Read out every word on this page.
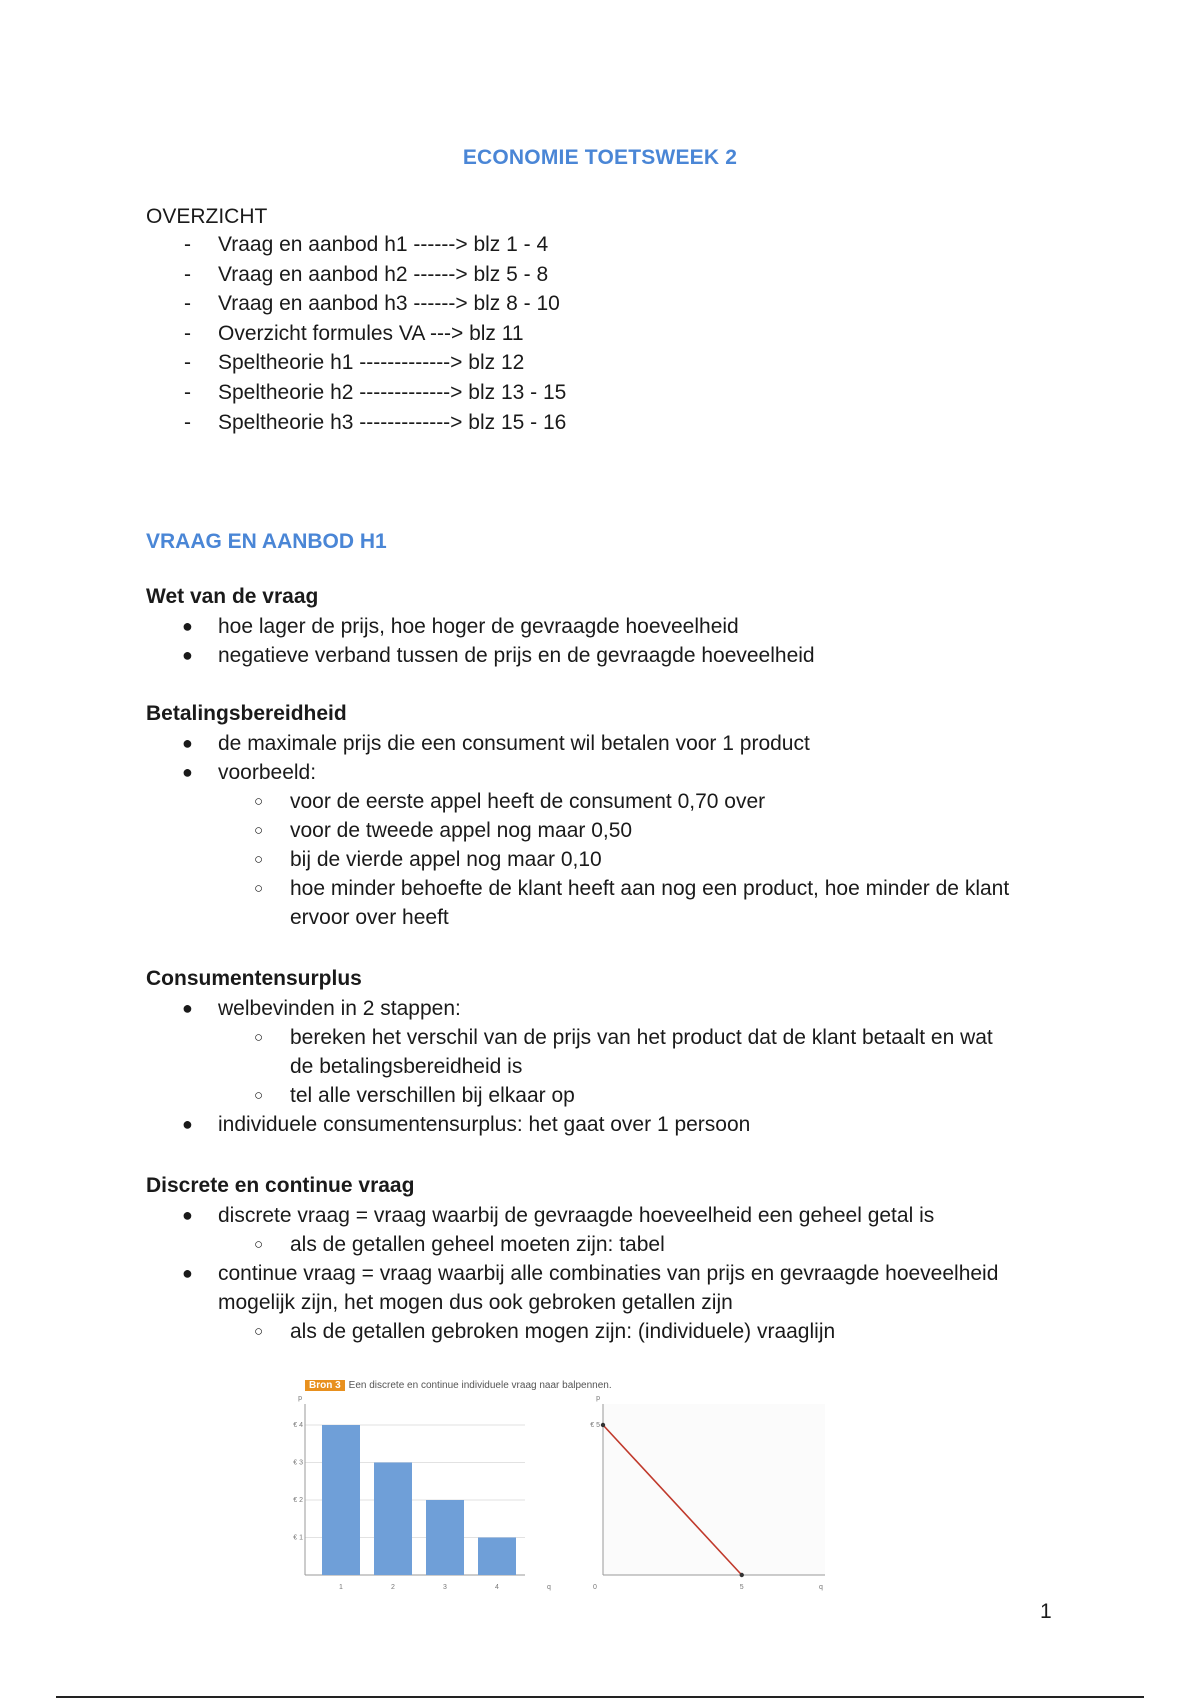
ECONOMIE TOETSWEEK 2
OVERZICHT
- Vraag en aanbod h1 ------> blz 1 - 4
- Vraag en aanbod h2 ------> blz 5 - 8
- Vraag en aanbod h3 ------> blz 8 - 10
- Overzicht formules VA ---> blz 11
- Speltheorie h1 -------------> blz 12
- Speltheorie h2 -------------> blz 13 - 15
- Speltheorie h3 -------------> blz 15 - 16
VRAAG EN AANBOD H1
Wet van de vraag
● hoe lager de prijs, hoe hoger de gevraagde hoeveelheid
● negatieve verband tussen de prijs en de gevraagde hoeveelheid
Betalingsbereidheid
● de maximale prijs die een consument wil betalen voor 1 product
● voorbeeld:
○ voor de eerste appel heeft de consument 0,70 over
○ voor de tweede appel nog maar 0,50
○ bij de vierde appel nog maar 0,10
○ hoe minder behoefte de klant heeft aan nog een product, hoe minder de klant
ervoor over heeft
Consumentensurplus
● welbevinden in 2 stappen:
○ bereken het verschil van de prijs van het product dat de klant betaalt en wat
de betalingsbereidheid is
○ tel alle verschillen bij elkaar op
● individuele consumentensurplus: het gaat over 1 persoon
Discrete en continue vraag
● discrete vraag = vraag waarbij de gevraagde hoeveelheid een geheel getal is
○ als de getallen geheel moeten zijn: tabel
● continue vraag = vraag waarbij alle combinaties van prijs en gevraagde hoeveelheid
mogelijk zijn, het mogen dus ook gebroken getallen zijn
○ als de getallen gebroken mogen zijn: (individuele) vraaglijn
Bron 3 Een discrete en continue individuele vraag naar balpennen.
€ 1
€ 2
€ 3
€ 4
p
1	2	3	4	q
p
€ 5
0	5	q
1
